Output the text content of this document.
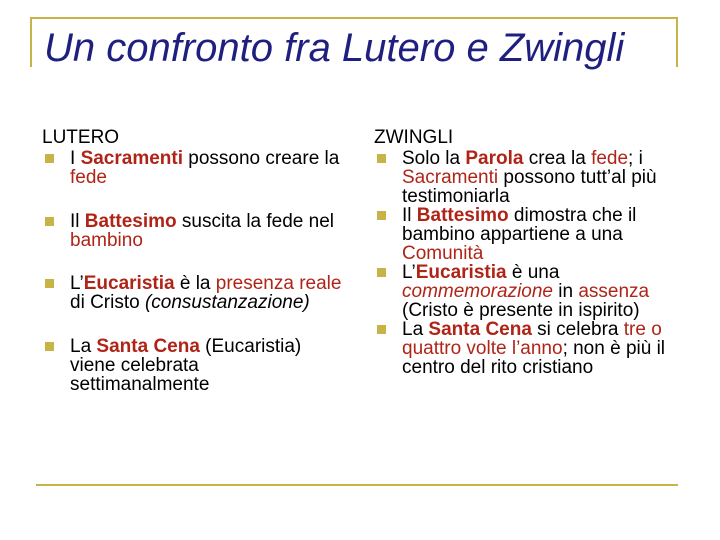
Un confronto fra Lutero e Zwingli
LUTERO
I Sacramenti possono creare la fede
Il Battesimo suscita la fede nel bambino
L’Eucaristia è la presenza reale di Cristo (consustanzazione)
La Santa Cena (Eucaristia) viene celebrata settimanalmente
ZWINGLI
Solo la Parola crea la fede; i Sacramenti possono tutt’al più testimoniarla
Il Battesimo dimostra che il bambino appartiene a una Comunità
L’Eucaristia è una commemorazione in assenza (Cristo è presente in ispirito)
La Santa Cena si celebra tre o quattro volte l’anno; non è più il centro del rito cristiano
